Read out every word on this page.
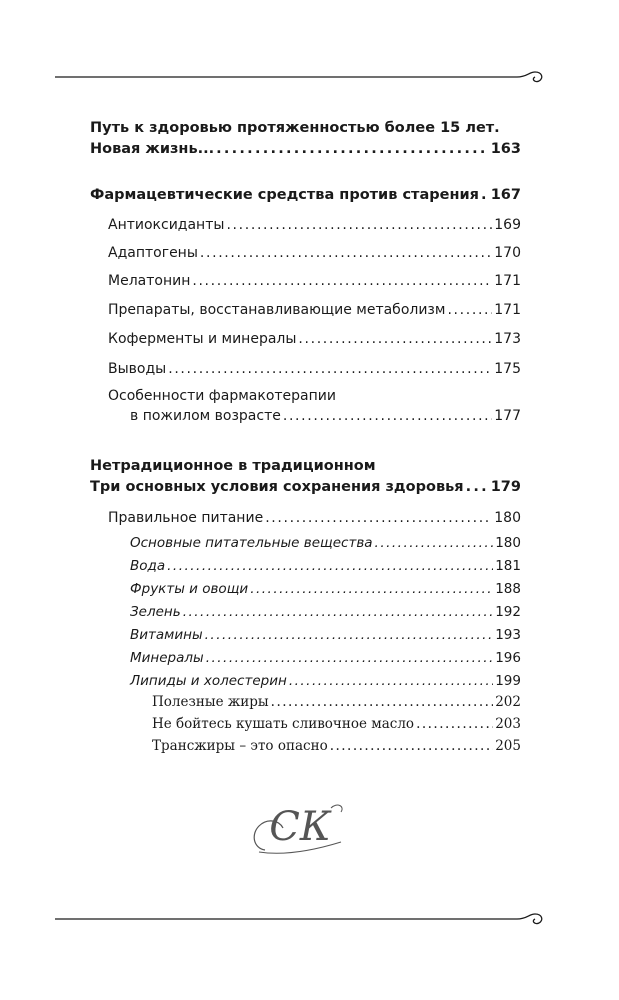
Путь к здоровью протяженностью более 15 лет.
Новая жизнь... . . .	163
Фармацевтические средства против старения . . . 167
Антиоксиданты . . .	169
Адаптогены . . .	170
Мелатонин . . .	171
Препараты, восстанавливающие метаболизм . . .	171
Коферменты и минералы . . .	173
Выводы . . .	175
Особенности фармакотерапии
в пожилом возрасте . . .	177
Нетрадиционное в традиционном
Три основных условия сохранения здоровья . . . 179
Правильное питание . . .	180
Основные питательные вещества . . .	180
Вода . . .	181
Фрукты и овощи . . .	188
Зелень . . .	192
Витамины . . .	193
Минералы . . .	196
Липиды и холестерин . . .	199
Полезные жиры . . .	202
Не бойтесь кушать сливочное масло . . .	203
Трансжиры – это опасно . . .	205
СК
